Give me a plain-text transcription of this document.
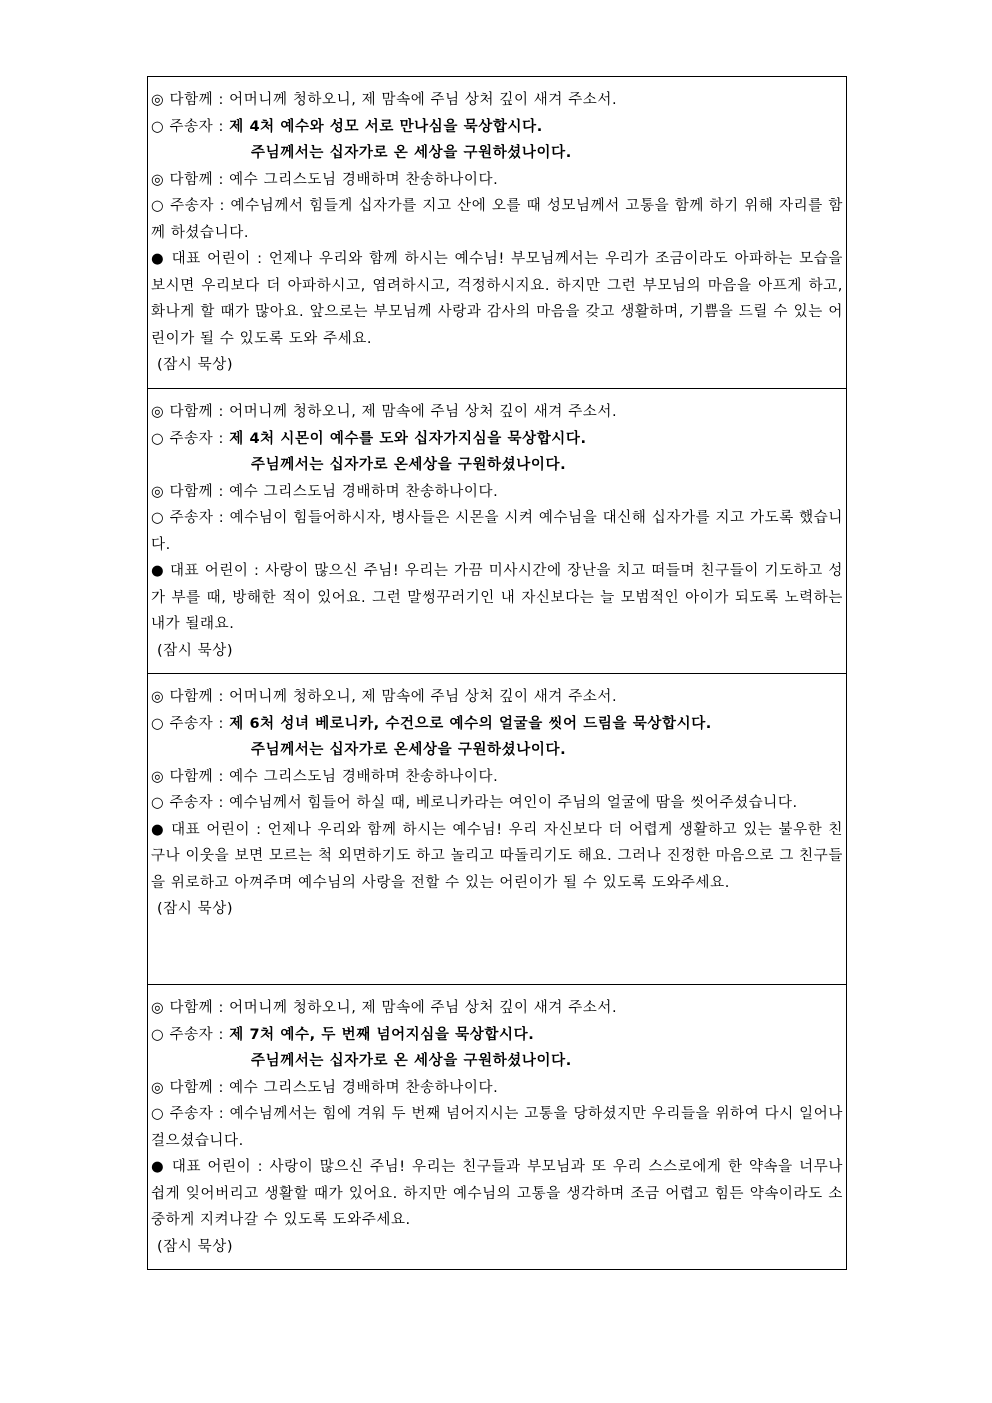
◎ 다함께 : 어머니께 청하오니, 제 맘속에 주님 상처 깊이 새겨 주소서.
○ 주송자 : 제 4처 예수와 성모 서로 만나심을 묵상합시다.
주님께서는 십자가로 온 세상을 구원하셨나이다.
◎ 다함께 : 예수 그리스도님 경배하며 찬송하나이다.

○ 주송자 : 예수님께서 힘들게 십자가를 지고 산에 오를 때 성모님께서 고통을 함께 하기 위해 자리를 함께 하셨습니다.

● 대표 어린이 : 언제나 우리와 함께 하시는 예수님! 부모님께서는 우리가 조금이라도 아파하는 모습을 보시면 우리보다 더 아파하시고, 염려하시고, 걱정하시지요. 하지만 그런 부모님의 마음을 아프게 하고, 화나게 할 때가 많아요. 앞으로는 부모님께 사랑과 감사의 마음을 갖고 생활하며, 기쁨을 드릴 수 있는 어린이가 될 수 있도록 도와 주세요.

(잠시 묵상)
◎ 다함께 : 어머니께 청하오니, 제 맘속에 주님 상처 깊이 새겨 주소서.
○ 주송자 : 제 4처 시몬이 예수를 도와 십자가지심을 묵상합시다.
주님께서는 십자가로 온세상을 구원하셨나이다.
◎ 다함께 : 예수 그리스도님 경배하며 찬송하나이다.

○ 주송자 : 예수님이 힘들어하시자, 병사들은 시몬을 시켜 예수님을 대신해 십자가를 지고 가도록 했습니다.

● 대표 어린이 : 사랑이 많으신 주님! 우리는 가끔 미사시간에 장난을 치고 떠들며 친구들이 기도하고 성가 부를 때, 방해한 적이 있어요. 그런 말썽꾸러기인 내 자신보다는 늘 모범적인 아이가 되도록 노력하는 내가 될래요.

(잠시 묵상)
◎ 다함께 : 어머니께 청하오니, 제 맘속에 주님 상처 깊이 새겨 주소서.
○ 주송자 : 제 6처 성녀 베로니카, 수건으로 예수의 얼굴을 씻어 드림을 묵상합시다.
주님께서는 십자가로 온세상을 구원하셨나이다.
◎ 다함께 : 예수 그리스도님 경배하며 찬송하나이다.

○ 주송자 : 예수님께서 힘들어 하실 때, 베로니카라는 여인이 주님의 얼굴에 땀을 씻어주셨습니다.

● 대표 어린이 : 언제나 우리와 함께 하시는 예수님! 우리 자신보다 더 어렵게 생활하고 있는 불우한 친구나 이웃을 보면 모르는 척 외면하기도 하고 놀리고 따돌리기도 해요. 그러나 진정한 마음으로 그 친구들을 위로하고 아껴주며 예수님의 사랑을 전할 수 있는 어린이가 될 수 있도록 도와주세요.

(잠시 묵상)
◎ 다함께 : 어머니께 청하오니, 제 맘속에 주님 상처 깊이 새겨 주소서.
○ 주송자 : 제 7처 예수, 두 번째 넘어지심을 묵상합시다.
주님께서는 십자가로 온 세상을 구원하셨나이다.
◎ 다함께 : 예수 그리스도님 경배하며 찬송하나이다.

○ 주송자 : 예수님께서는 힘에 겨워 두 번째 넘어지시는 고통을 당하셨지만 우리들을 위하여 다시 일어나 걸으셨습니다.

● 대표 어린이 : 사랑이 많으신 주님! 우리는 친구들과 부모님과 또 우리 스스로에게 한 약속을 너무나 쉽게 잊어버리고 생활할 때가 있어요. 하지만 예수님의 고통을 생각하며 조금 어렵고 힘든 약속이라도 소중하게 지켜나갈 수 있도록 도와주세요.

(잠시 묵상)
